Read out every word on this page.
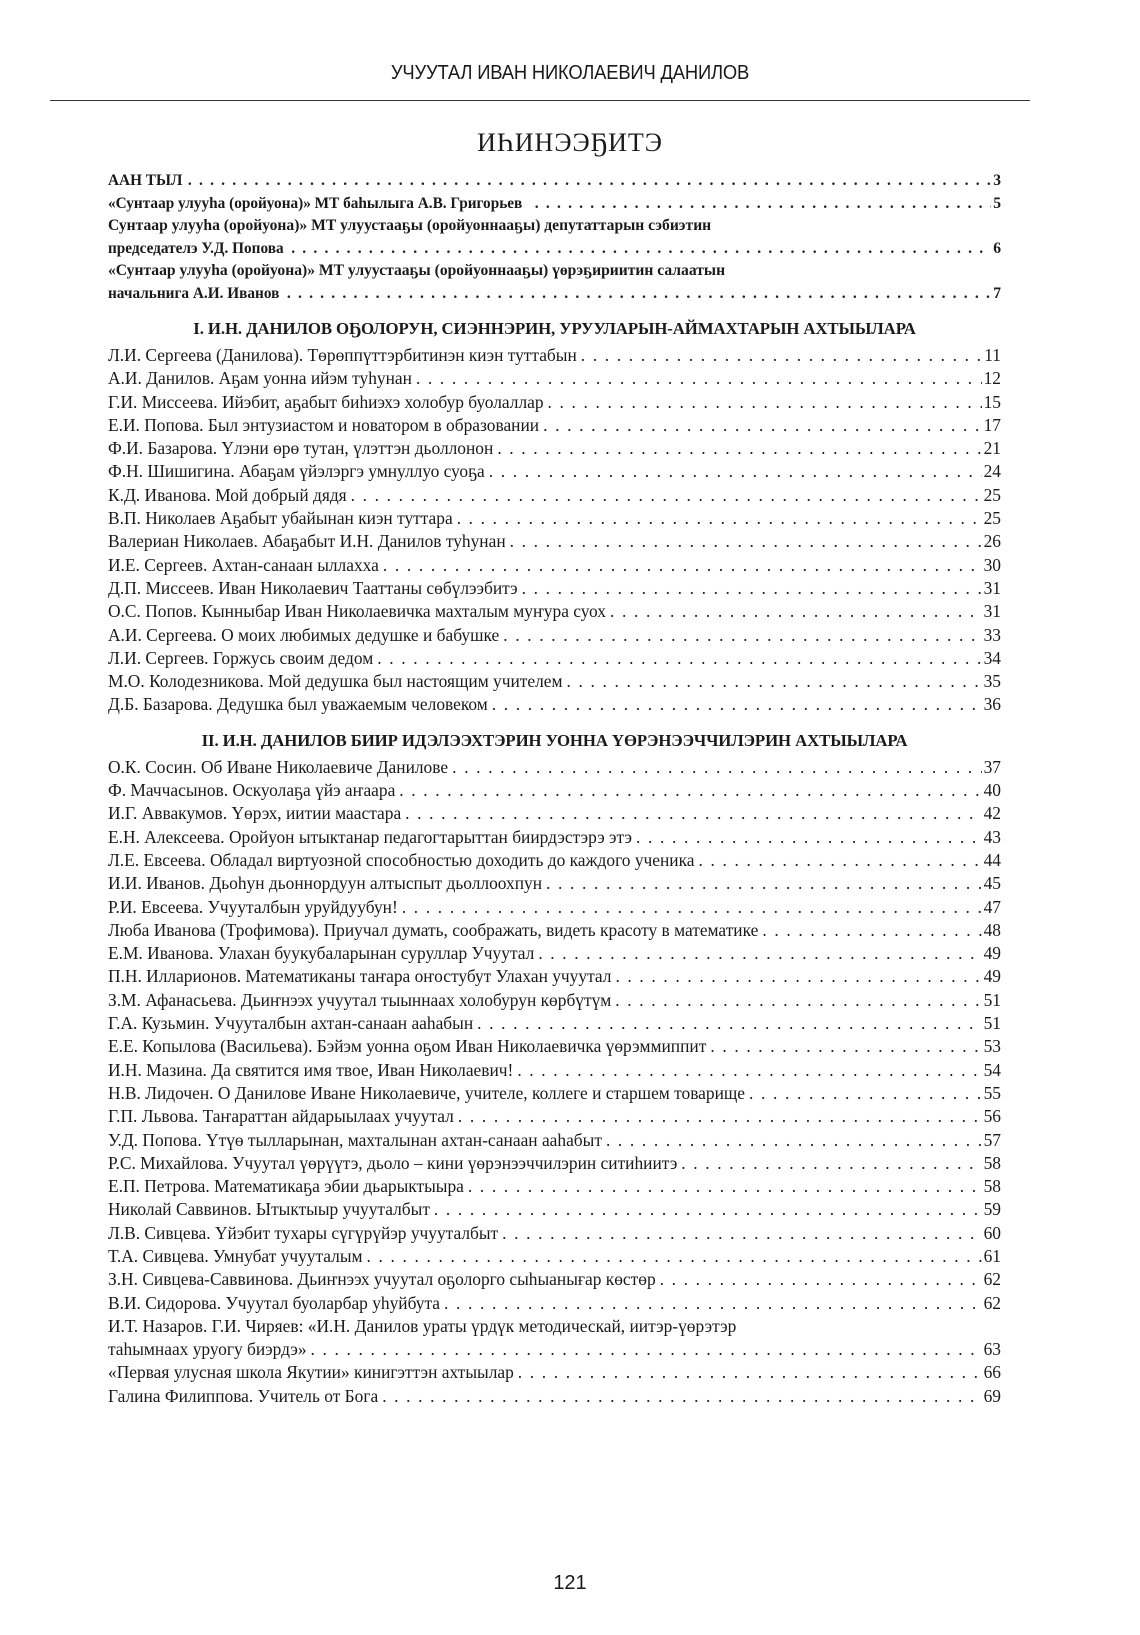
УЧУУТАЛ ИВАН НИКОЛАЕВИЧ ДАНИЛОВ
ИҺИНЭЭҔИТЭ
ААН ТЫЛ . . .	3
«Сунтаар улууһа (оройуона)» МТ баһылыга А.В. Григорьев . . .	5
Сунтаар улууһа (оройуона)» МТ улуустааҕы (оройуоннааҕы) депутаттарын сэбиэтин
председателэ У.Д. Попова . . .	6
«Сунтаар улууһа (оройуона)» МТ улуустааҕы (оройуоннааҕы) үөрэҕириитин салаатын
начальнига А.И. Иванов . . .	7
I. И.Н. ДАНИЛОВ ОҔОЛОРУН, СИЭННЭРИН, УРУУЛАРЫН-АЙМАХТАРЫН АХТЫЫЛАРА
Л.И. Сергеева (Данилова). Төрөппүттэрбитинэн киэн туттабын . . .	11
А.И. Данилов. Аҕам уонна ийэм туһунан . . .	12
Г.И. Миссеева. Ийэбит, аҕабыт биһиэхэ холобур буолаллар . . .	15
Е.И. Попова. Был энтузиастом и новатором в образовании . . .	17
Ф.И. Базарова. Үлэни өрө тутан, үлэттэн дьоллонон . . .	21
Ф.Н. Шишигина. Абаҕам үйэлэргэ умнуллуо суоҕа . . .	24
К.Д. Иванова. Мой добрый дядя . . .	25
В.П. Николаев Аҕабыт убайынан киэн туттара . . .	25
Валериан Николаев. Абаҕабыт И.Н. Данилов туһунан . . .	26
И.Е. Сергеев. Ахтан-санаан ыллахха . . .	30
Д.П. Миссеев. Иван Николаевич Тааттаны сөбүлээбитэ . . .	31
О.С. Попов. Кынныбар Иван Николаевичка махталым муҥура суох . . .	31
А.И. Сергеева. О моих любимых дедушке и бабушке . . .	33
Л.И. Сергеев. Горжусь своим дедом . . .	34
М.О. Колодезникова. Мой дедушка был настоящим учителем . . .	35
Д.Б. Базарова. Дедушка был уважаемым человеком . . .	36
II. И.Н. ДАНИЛОВ БИИР ИДЭЛЭЭХТЭРИН УОННА ҮӨРЭНЭЭЧЧИЛЭРИН АХТЫЫЛАРА
О.К. Сосин. Об Иване Николаевиче Данилове . . .	37
Ф. Маччасынов. Оскуолаҕа үйэ аҥаара . . .	40
И.Г. Аввакумов. Үөрэх, иитии маастара . . .	42
Е.Н. Алексеева. Оройуон ытыктанар педагогтарыттан биирдэстэрэ этэ . . .	43
Л.Е. Евсеева. Обладал виртуозной способностью доходить до каждого ученика . . .	44
И.И. Иванов. Дьоһун дьоннордуун алтыспыт дьоллоохпун . . .	45
Р.И. Евсеева. Учууталбын уруйдуубун! . . .	47
Люба Иванова (Трофимова). Приучал думать, соображать, видеть красоту в математике . . .	48
Е.М. Иванова. Улахан буукубаларынан суруллар Учуутал . . .	49
П.Н. Илларионов. Математиканы таҥара оҥостубут Улахан учуутал . . .	49
З.М. Афанасьева. Дьиҥнээх учуутал тыыннаах холобурун көрбүтүм . . .	51
Г.А. Кузьмин. Учууталбын ахтан-санаан ааһабын . . .	51
Е.Е. Копылова (Васильева). Бэйэм уонна оҕом Иван Николаевичка үөрэммиппит . . .	53
И.Н. Мазина. Да святится имя твое, Иван Николаевич! . . .	54
Н.В. Лидочен. О Данилове Иване Николаевиче, учителе, коллеге и старшем товарище . . .	55
Г.П. Львова. Таҥараттан айдарыылаах учуутал . . .	56
У.Д. Попова. Үтүө тылларынан, махталынан ахтан-санаан ааһабыт . . .	57
Р.С. Михайлова. Учуутал үөрүүтэ, дьоло – кини үөрэнээччилэрин ситиһиитэ . . .	58
Е.П. Петрова. Математикаҕа эбии дьарыктыыра . . .	58
Николай Саввинов. Ытыктыыр учууталбыт . . .	59
Л.В. Сивцева. Үйэбит тухары сүгүрүйэр учууталбыт . . .	60
Т.А. Сивцева. Умнубат учууталым . . .	61
З.Н. Сивцева-Саввинова. Дьиҥнээх учуутал оҕолорго сыһыанығар көстөр . . .	62
В.И. Сидорова. Учуутал буоларбар уһуйбута . . .	62
И.Т. Назаров. Г.И. Чиряев: «И.Н. Данилов ураты үрдүк методическай, иитэр-үөрэтэр
таһымнаах уруогу биэрдэ» . . .	63
«Первая улусная школа Якутии» кинигэттэн ахтыылар . . .	66
Галина Филиппова. Учитель от Бога . . .	69
121
